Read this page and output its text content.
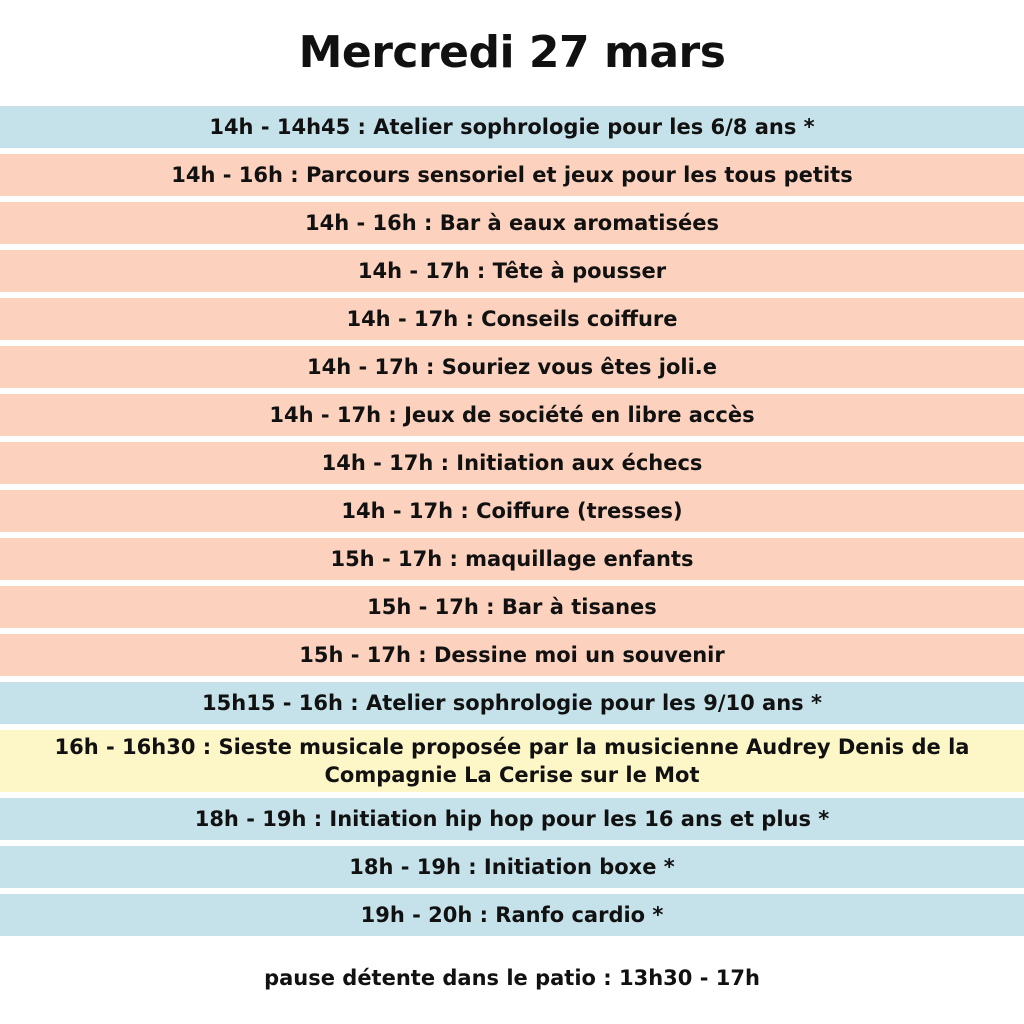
Mercredi 27 mars
14h - 14h45 : Atelier sophrologie pour les 6/8 ans *
14h - 16h : Parcours sensoriel et jeux pour les tous petits
14h - 16h : Bar à eaux aromatisées
14h - 17h : Tête à pousser
14h - 17h : Conseils coiffure
14h - 17h : Souriez vous êtes joli.e
14h - 17h : Jeux de société en libre accès
14h - 17h : Initiation aux échecs
14h - 17h : Coiffure (tresses)
15h - 17h : maquillage enfants
15h - 17h : Bar à tisanes
15h - 17h : Dessine moi un souvenir
15h15 - 16h : Atelier sophrologie pour les 9/10 ans *
16h - 16h30 : Sieste musicale proposée par la musicienne Audrey Denis de la Compagnie La Cerise sur le Mot
18h - 19h : Initiation hip hop pour les 16 ans et plus *
18h - 19h : Initiation boxe *
19h - 20h : Ranfo cardio *

pause détente dans le patio : 13h30 - 17h
